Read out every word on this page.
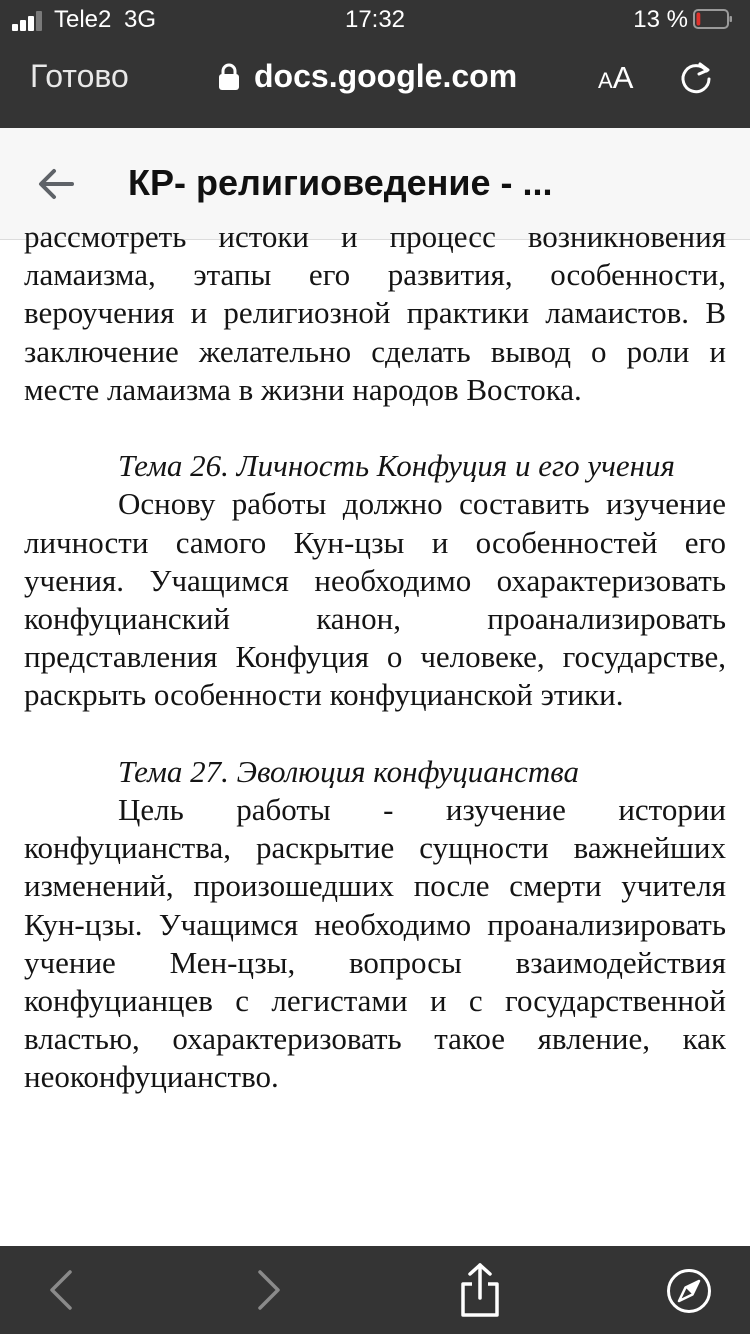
Tele2 3G	17:32	13 %
Готово	docs.google.com	AA
КР- религиоведение - ...

рассмотреть истоки и процесс возникновения ламаизма, этапы его развития, особенности, вероучения и религиозной практики ламаистов. В заключение желательно сделать вывод о роли и месте ламаизма в жизни народов Востока.

Тема 26. Личность Конфуция и его учения

Основу работы должно составить изучение личности самого Кун-цзы и особенностей его учения. Учащимся необходимо охарактеризовать конфуцианский канон, проанализировать представления Конфуция о человеке, государстве, раскрыть особенности конфуцианской этики.

Тема 27. Эволюция конфуцианства

Цель работы - изучение истории конфуцианства, раскрытие сущности важнейших изменений, произошедших после смерти учителя Кун-цзы. Учащимся необходимо проанализировать учение Мен-цзы, вопросы взаимодействия конфуцианцев с легистами и с государственной властью, охарактеризовать такое явление, как неоконфуцианство.
